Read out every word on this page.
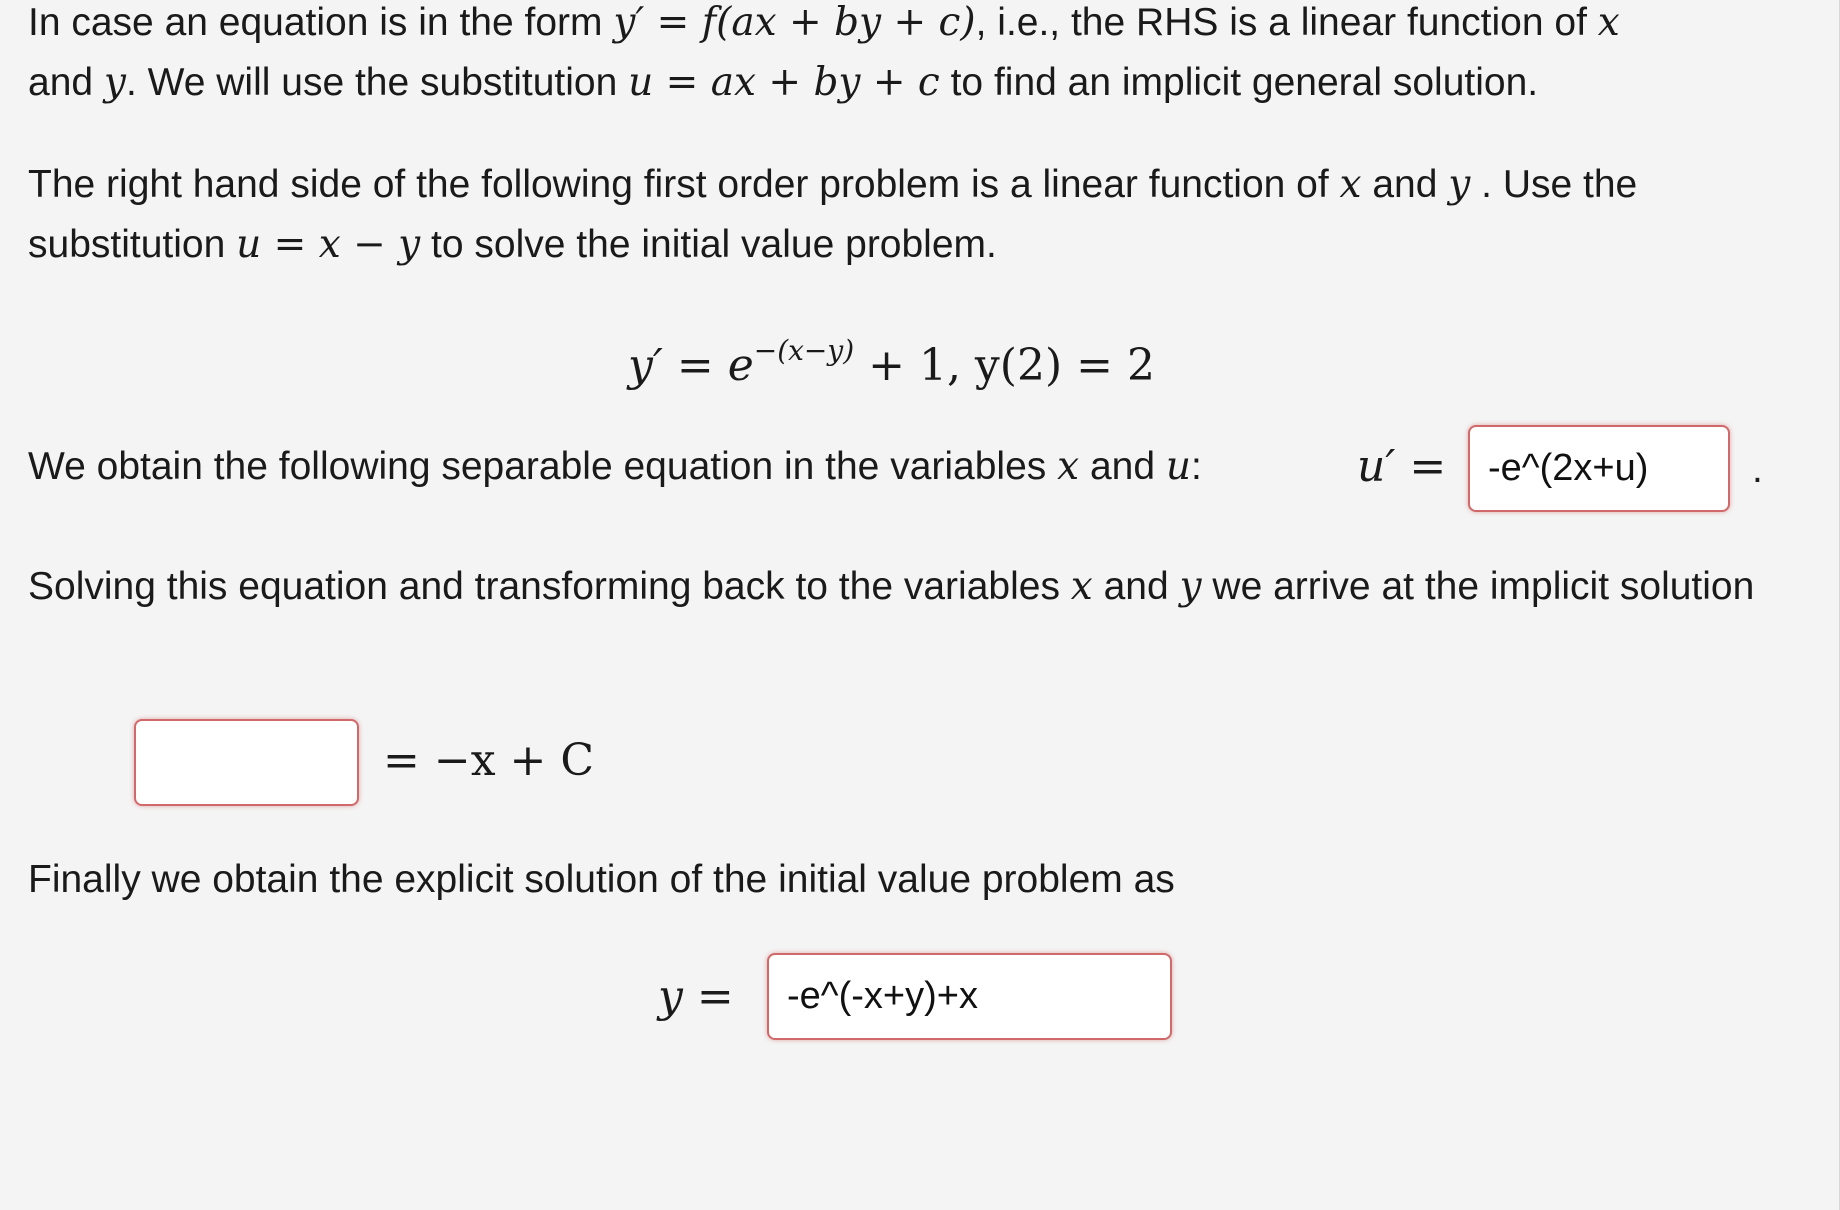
In case an equation is in the form y′ = f(ax + by + c), i.e., the RHS is a linear function of x
and y. We will use the substitution u = ax + by + c to find an implicit general solution.

The right hand side of the following first order problem is a linear function of x and y . Use the substitution u = x − y to solve the initial value problem.

$y' = e^{-(x-y)} + 1$, y(2) = 2

We obtain the following separable equation in the variables x and u:	u′ =	-e^(2x+u)	.

Solving this equation and transforming back to the variables x and y we arrive at the implicit solution

= −x + C

Finally we obtain the explicit solution of the initial value problem as

y =	-e^(-x+y)+x
